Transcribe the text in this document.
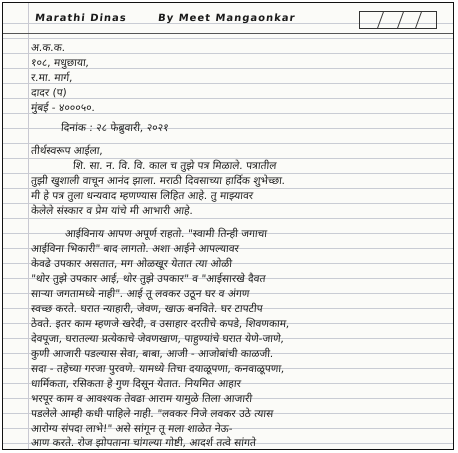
Marathi Dinas	By Meet Mangaonkar
अ.क.क.
१०८, मधुछाया,
र.मा. मार्ग,
दादर (प)
मुंबई - ४०००५०.
दिनांक : २८ फेब्रुवारी, २०२१
तीर्थस्वरूप आईला,
शि. सा. न. वि. वि. काल च तुझे पत्र मिळाले. पत्रातील
तुझी खुशाली वाचून आनंद झाला. मराठी दिवसाच्या हार्दिक शुभेच्छा.
मी हे पत्र तुला धन्यवाद म्हणण्यास लिहित आहे. तु माझ्यावर
केलेले संस्कार व प्रेम यांचे मी आभारी आहे.
आईविनाय आपण अपूर्ण राहतो. "स्वामी तिन्ही जगाचा
आईविना भिकारी" बाद लागतो. अशा आईने आपल्यावर
केवढे उपकार असतात, मग ओळखूर येतात त्या ओळी
"थोर तुझे उपकार आई, थोर तुझे उपकार" व "आईसारखे दैवत
साऱ्या जगतामध्ये नाही". आई तू लवकर उठून घर व अंगण
स्वच्छ करते. घरात न्याहारी, जेवण, खाऊ बनविते. घर टापटीप
ठेवते. इतर काम म्हणजे खरेदी, व उसाहार दरतीचे कपडे, शिवणकाम,
देवपूजा, घरातल्या प्रत्येकाचे जेवणखाण, पाहुण्यांचे घरात येणे-जाणे,
कुणी आजारी पडल्यास सेवा, बाबा, आजी - आजोबांची काळजी.
सदा - तहेच्या गरजा पुरवणे. यामध्ये तिचा दयाळूपणा, कनवाळूपणा,
धार्मिकता, रसिकता हे गुण दिसून येतात. नियमित आहार
भरपूर काम व आवश्यक तेवढा आराम यामुळे तिला आजारी
पडलेले आम्ही कधी पाहिले नाही. "लवकर निजे लवकर उठे त्यास
आरोग्य संपदा लाभे!" असे सांगून तू मला शाळेत नेऊ-
आण करते. रोज झोपताना चांगल्या गोष्टी, आदर्श तत्वे सांगते
